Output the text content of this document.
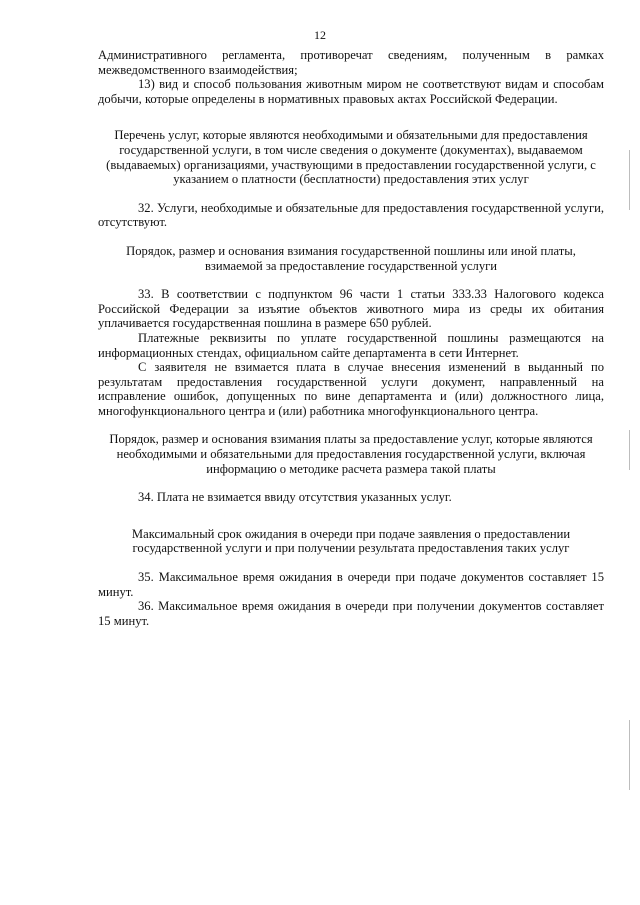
12

Административного регламента, противоречат сведениям, полученным в рамках межведомственного взаимодействия;

13) вид и способ пользования животным миром не соответствуют видам и способам добычи, которые определены в нормативных правовых актах Российской Федерации.

Перечень услуг, которые являются необходимыми и обязательными для предоставления государственной услуги, в том числе сведения о документе (документах), выдаваемом (выдаваемых) организациями, участвующими в предоставлении государственной услуги, с указанием о платности (бесплатности) предоставления этих услуг

32. Услуги, необходимые и обязательные для предоставления государственной услуги, отсутствуют.

Порядок, размер и основания взимания государственной пошлины или иной платы, взимаемой за предоставление государственной услуги

33. В соответствии с подпунктом 96 части 1 статьи 333.33 Налогового кодекса Российской Федерации за изъятие объектов животного мира из среды их обитания уплачивается государственная пошлина в размере 650 рублей.

Платежные реквизиты по уплате государственной пошлины размещаются на информационных стендах, официальном сайте департамента в сети Интернет.

С заявителя не взимается плата в случае внесения изменений в выданный по результатам предоставления государственной услуги документ, направленный на исправление ошибок, допущенных по вине департамента и (или) должностного лица, многофункционального центра и (или) работника многофункционального центра.

Порядок, размер и основания взимания платы за предоставление услуг, которые являются необходимыми и обязательными для предоставления государственной услуги, включая информацию о методике расчета размера такой платы

34. Плата не взимается ввиду отсутствия указанных услуг.

Максимальный срок ожидания в очереди при подаче заявления о предоставлении государственной услуги и при получении результата предоставления таких услуг

35. Максимальное время ожидания в очереди при подаче документов составляет 15 минут.

36. Максимальное время ожидания в очереди при получении документов составляет 15 минут.
